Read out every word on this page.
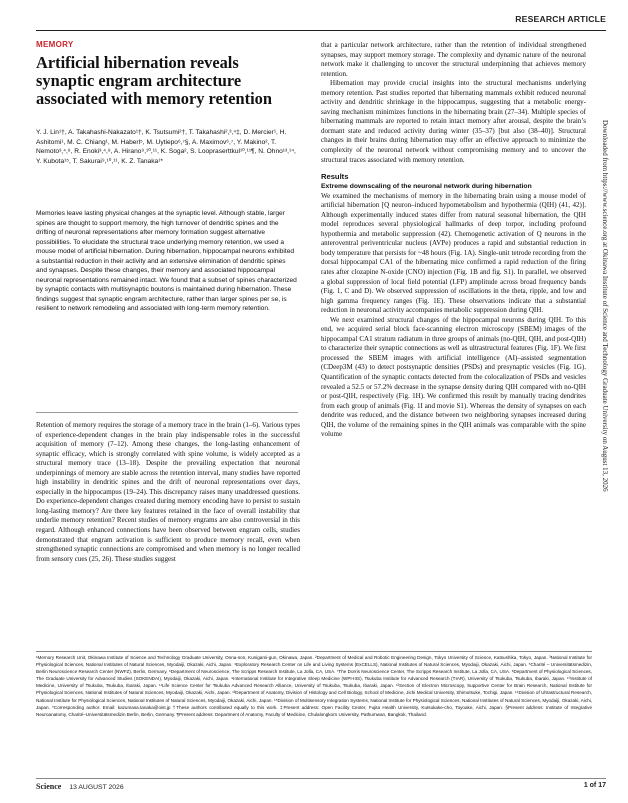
RESEARCH ARTICLE
MEMORY
Artificial hibernation reveals synaptic engram architecture associated with memory retention

Y. J. Lin¹†, A. Takahashi-Nakazato¹†, K. Tsutsumi²†, T. Takahashi²,³,⁴‡, D. Mercier¹, H. Ashitomi¹, M. C. Chiang¹, M. Haberl⁵, M. Uytiepo⁶,⁷§, A. Maximov⁶,⁷, Y. Makino², T. Nemoto³,⁴,⁸, R. Enoki³,⁴,⁸, A. Hirano⁹,¹⁰,¹¹, K. Soga², S. Loopraserttkul¹⁰,¹¹¶, N. Ohno¹³,¹⁴, Y. Kubota¹⁵, T. Sakurai⁹,¹⁰,¹¹, K. Z. Tanaka¹*

Memories leave lasting physical changes at the synaptic level. Although stable, larger spines are thought to support memory, the high turnover of dendritic spines and the drifting of neuronal representations after memory formation suggest alternative possibilities. To elucidate the structural trace underlying memory retention, we used a mouse model of artificial hibernation. During hibernation, hippocampal neurons exhibited a substantial reduction in their activity and an extensive elimination of dendritic spines and synapses. Despite these changes, their memory and associated hippocampal neuronal representations remained intact. We found that a subset of spines characterized by synaptic contacts with multisynaptic boutons is maintained during hibernation. These findings suggest that synaptic engram architecture, rather than larger spines per se, is resilient to network remodeling and associated with long-term memory retention.

Retention of memory requires the storage of a memory trace in the brain (1–6). Various types of experience-dependent changes in the brain play indispensable roles in the successful acquisition of memory (7–12). Among these changes, the long-lasting enhancement of synaptic efficacy, which is strongly correlated with spine volume, is widely accepted as a structural memory trace (13–18). Despite the prevailing expectation that neuronal underpinnings of memory are stable across the retention interval, many studies have reported high instability in dendritic spines and the drift of neuronal representations over days, especially in the hippocampus (19–24). This discrepancy raises many unaddressed questions. Do experience-dependent changes created during memory encoding have to persist to sustain long-lasting memory? Are there key features retained in the face of overall instability that underlie memory retention? Recent studies of memory engrams are also controversial in this regard. Although enhanced connections have been observed between engram cells, studies demonstrated that engram activation is sufficient to produce memory recall, even when strengthened synaptic connections are compromised and when memory is no longer recalled from sensory cues (25, 26). These studies suggest

that a particular network architecture, rather than the retention of individual strengthened synapses, may support memory storage. The complexity and dynamic nature of the neuronal network make it challenging to uncover the structural underpinning that achieves memory retention.

Hibernation may provide crucial insights into the structural mechanisms underlying memory retention. Past studies reported that hibernating mammals exhibit reduced neuronal activity and dendritic shrinkage in the hippocampus, suggesting that a metabolic energy-saving mechanism minimizes functions in the hibernating brain (27–34). Multiple species of hibernating mammals are reported to retain intact memory after arousal, despite the brain’s dormant state and reduced activity during winter (35–37) [but also (38–40)]. Structural changes in their brains during hibernation may offer an effective approach to minimize the complexity of the neuronal network without compromising memory and to uncover the structural traces associated with memory retention.

Results
Extreme downscaling of the neuronal network during hibernation

We examined the mechanisms of memory in the hibernating brain using a mouse model of artificial hibernation [Q neuron–induced hypometabolism and hypothermia (QIH) (41, 42)]. Although experimentally induced states differ from natural seasonal hibernation, the QIH model reproduces several physiological hallmarks of deep torpor, including profound hypothermia and metabolic suppression (42). Chemogenetic activation of Q neurons in the anteroventral periventricular nucleus (AVPe) produces a rapid and substantial reduction in body temperature that persists for ~48 hours (Fig. 1A). Single-unit tetrode recording from the dorsal hippocampal CA1 of the hibernating mice confirmed a rapid reduction of the firing rates after clozapine N-oxide (CNO) injection (Fig. 1B and fig. S1). In parallel, we observed a global suppression of local field potential (LFP) amplitude across broad frequency bands (Fig. 1, C and D). We observed suppression of oscillations in the theta, ripple, and low and high gamma frequency ranges (Fig. 1E). These observations indicate that a substantial reduction in neuronal activity accompanies metabolic suppression during QIH.

We next examined structural changes of the hippocampal neurons during QIH. To this end, we acquired serial block face-scanning electron microscopy (SBEM) images of the hippocampal CA1 stratum radiatum in three groups of animals (no-QIH, QIH, and post-QIH) to characterize their synaptic connections as well as ultrastructural features (Fig. 1F). We first processed the SBEM images with artificial intelligence (AI)–assisted segmentation (CDeep3M (43) to detect postsynaptic densities (PSDs) and presynaptic vesicles (Fig. 1G). Quantification of the synaptic contacts detected from the colocalization of PSDs and vesicles revealed a 52.5 or 57.2% decrease in the synapse density during QIH compared with no-QIH or post-QIH, respectively (Fig. 1H). We confirmed this result by manually tracing dendrites from each group of animals (Fig. 1I and movie S1). Whereas the density of synapses on each dendrite was reduced, and the distance between two neighboring synapses increased during QIH, the volume of the remaining spines in the QIH animals was comparable with the spine volume

¹Memory Research Unit, Okinawa Institute of Science and Technology Graduate University, Onna-son, Kunigami-gun, Okinawa, Japan. ²Department of Medical and Robotic Engineering Design, Tokyo University of Science, Katsushika, Tokyo, Japan. ³National Institute for Physiological Sciences, National Institutes of Natural Sciences, Myodaiji, Okazaki, Aichi, Japan. ⁴Exploratory Research Center on Life and Living Systems (ExCELLS), National Institutes of Natural Sciences, Myodaiji, Okazaki, Aichi, Japan. ⁵Charité – Universitätsmedizin, Berlin Neuroscience Research Center (NWFZ), Berlin, Germany. ⁶Department of Neuroscience, The Scripps Research Institute, La Jolla, CA, USA. ⁷The Dorris Neuroscience Center, The Scripps Research Institute, La Jolla, CA, USA. ⁸Department of Physiological Sciences, The Graduate University for Advanced Studies (SOKENDAI), Myodaiji, Okazaki, Aichi, Japan. ⁹International Institute for Integrative Sleep Medicine (WPI-IIIS), Tsukuba Institute for Advanced Research (TIAR), University of Tsukuba, Tsukuba, Ibaraki, Japan. ¹⁰Institute of Medicine, University of Tsukuba, Tsukuba, Ibaraki, Japan. ¹¹Life Science Center for Tsukuba Advanced Research Alliance, University of Tsukuba, Tsukuba, Ibaraki, Japan. ¹²Section of Electron Microscopy, Supportive Center for Brain Research, National Institute for Physiological Sciences, National Institutes of Natural Sciences, Myodaiji, Okazaki, Aichi, Japan. ¹³Department of Anatomy, Division of Histology and Cell Biology, School of Medicine, Jichi Medical University, Shimotsuke, Tochigi, Japan. ¹⁴Division of Ultrastructural Research, National Institute for Physiological Sciences, National Institutes of Natural Sciences, Myodaiji, Okazaki, Aichi, Japan. ¹⁵Division of Multisensory Integration Systems, National Institute for Physiological Sciences, National Institutes of Natural Sciences, Myodaiji, Okazaki, Aichi, Japan. *Corresponding author. Email: kazumasa.tanaka@oist.jp †These authors contributed equally to this work. ‡Present address: Open Facility Center, Fujita Health University, Kutsukake-cho, Toyoake, Aichi, Japan. §Present address: Institute of Integrative Neuroanatomy, Charité–Universitätsmedizin Berlin, Berlin, Germany. ¶Present address: Department of Anatomy, Faculty of Medicine, Chulalongkorn University, Pathumwan, Bangkok, Thailand.

Science 13 AUGUST 2026	1 of 17
Downloaded from https://www.science.org at Okinawa Institute of Science and Technology Graduate University on August 13, 2026
